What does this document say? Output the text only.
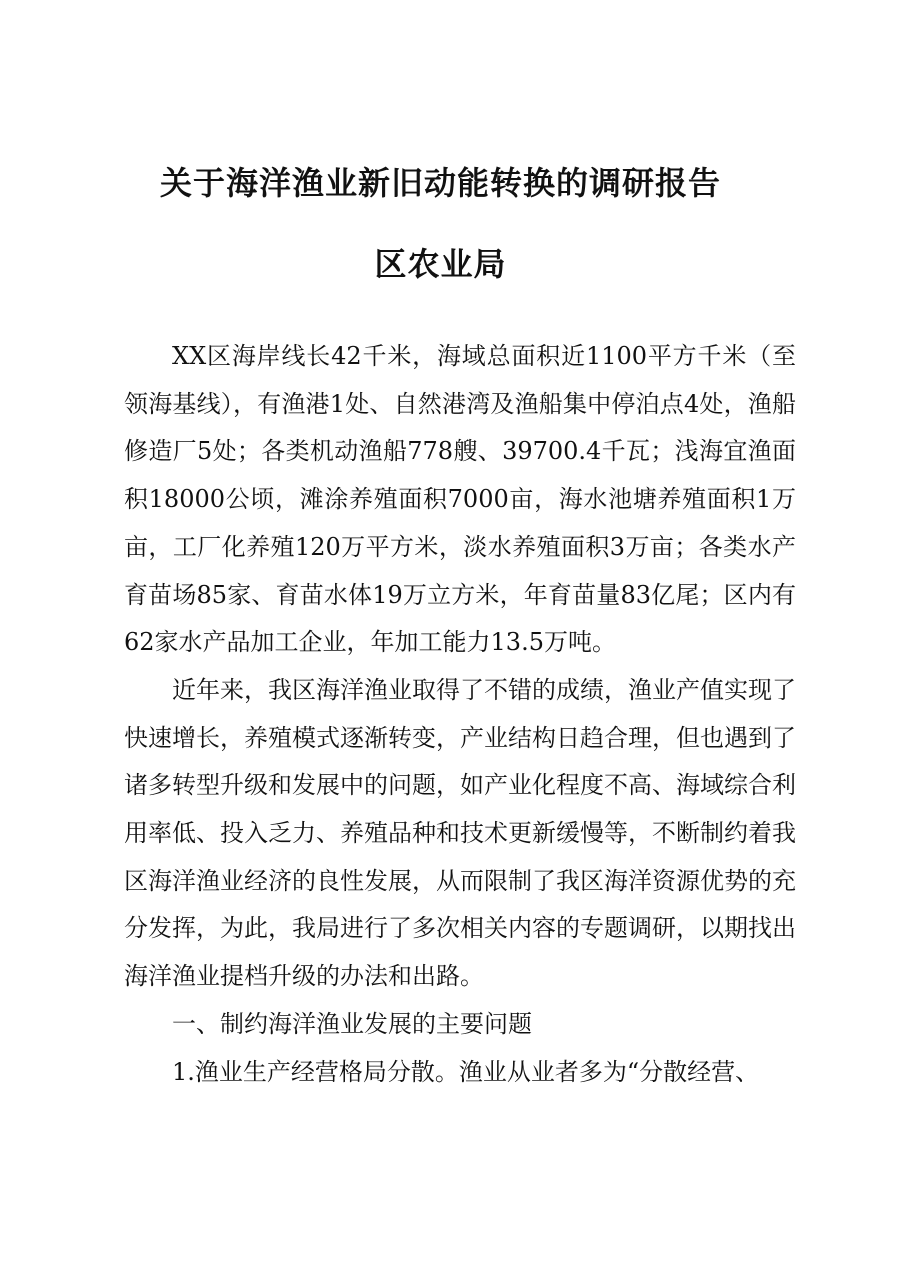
关于海洋渔业新旧动能转换的调研报告
区农业局

XX区海岸线长42千米，海域总面积近1100平方千米（至领海基线），有渔港1处、自然港湾及渔船集中停泊点4处，渔船修造厂5处；各类机动渔船778艘、39700.4千瓦；浅海宜渔面积18000公顷，滩涂养殖面积7000亩，海水池塘养殖面积1万亩，工厂化养殖120万平方米，淡水养殖面积3万亩；各类水产育苗场85家、育苗水体19万立方米，年育苗量83亿尾；区内有62家水产品加工企业，年加工能力13.5万吨。

近年来，我区海洋渔业取得了不错的成绩，渔业产值实现了快速增长，养殖模式逐渐转变，产业结构日趋合理，但也遇到了诸多转型升级和发展中的问题，如产业化程度不高、海域综合利用率低、投入乏力、养殖品种和技术更新缓慢等，不断制约着我区海洋渔业经济的良性发展，从而限制了我区海洋资源优势的充分发挥，为此，我局进行了多次相关内容的专题调研，以期找出海洋渔业提档升级的办法和出路。

一、制约海洋渔业发展的主要问题

1.渔业生产经营格局分散。渔业从业者多为“分散经营、
